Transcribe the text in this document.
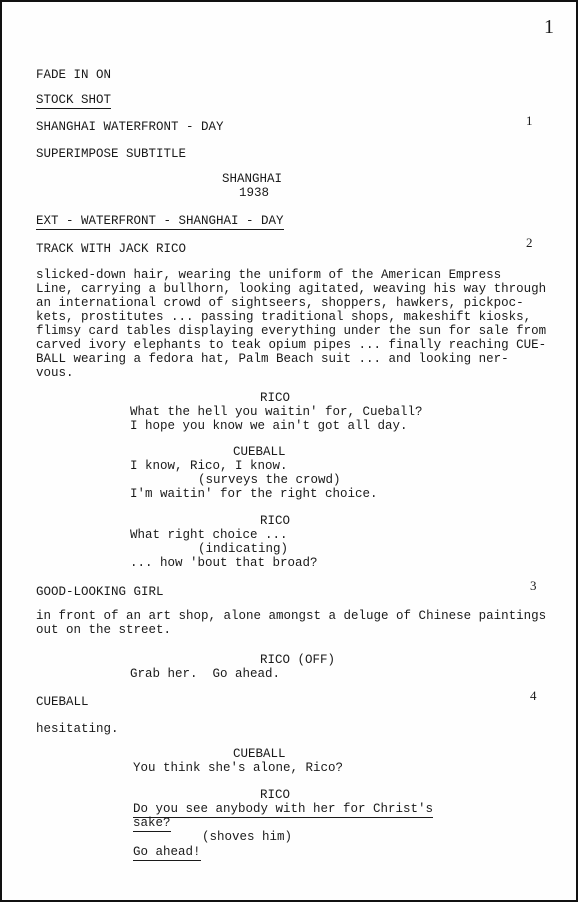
1
FADE IN ON
STOCK SHOT
SHANGHAI WATERFRONT - DAY	1
SUPERIMPOSE SUBTITLE
SHANGHAI
1938
EXT - WATERFRONT - SHANGHAI - DAY
TRACK WITH JACK RICO	2
slicked-down hair, wearing the uniform of the American Empress
Line, carrying a bullhorn, looking agitated, weaving his way through
an international crowd of sightseers, shoppers, hawkers, pickpoc-
kets, prostitutes ... passing traditional shops, makeshift kiosks,
flimsy card tables displaying everything under the sun for sale from
carved ivory elephants to teak opium pipes ... finally reaching CUE-
BALL wearing a fedora hat, Palm Beach suit ... and looking ner-
vous.
RICO
What the hell you waitin' for, Cueball?
I hope you know we ain't got all day.
CUEBALL
I know, Rico, I know.
(surveys the crowd)
I'm waitin' for the right choice.
RICO
What right choice ...
(indicating)
... how 'bout that broad?
GOOD-LOOKING GIRL	3
in front of an art shop, alone amongst a deluge of Chinese paintings
out on the street.
RICO (OFF)
Grab her.  Go ahead.
CUEBALL	4
hesitating.
CUEBALL
You think she's alone, Rico?
RICO
Do you see anybody with her for Christ's
sake?
(shoves him)
Go ahead!
